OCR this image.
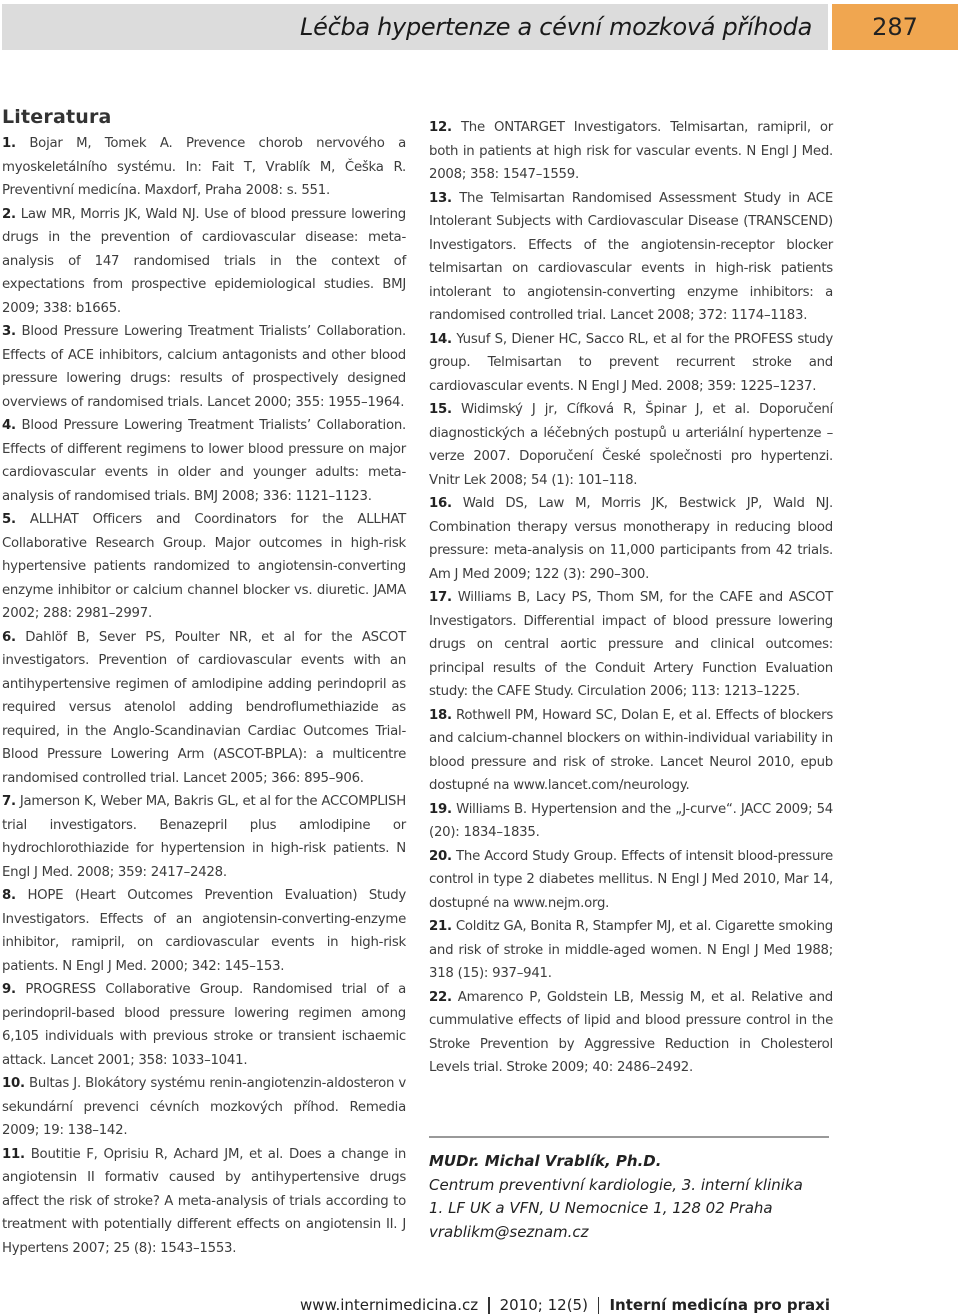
Léčba hypertenze a cévní mozková příhoda	287
Literatura

1. Bojar M, Tomek A. Prevence chorob nervového a myoskeletálního systému. In: Fait T, Vrablík M, Češka R. Preventivní medicína. Maxdorf, Praha 2008: s. 551.

2. Law MR, Morris JK, Wald NJ. Use of blood pressure lowering drugs in the prevention of cardiovascular disease: meta-analysis of 147 randomised trials in the context of expectations from prospective epidemiological studies. BMJ 2009; 338: b1665.

3. Blood Pressure Lowering Treatment Trialists’ Collaboration. Effects of ACE inhibitors, calcium antagonists and other blood pressure lowering drugs: results of prospectively designed overviews of randomised trials. Lancet 2000; 355: 1955–1964.

4. Blood Pressure Lowering Treatment Trialists’ Collaboration. Effects of different regimens to lower blood pressure on major cardiovascular events in older and younger adults: meta-analysis of randomised trials. BMJ 2008; 336: 1121–1123.

5. ALLHAT Officers and Coordinators for the ALLHAT Collaborative Research Group. Major outcomes in high-risk hypertensive patients randomized to angiotensin-converting enzyme inhibitor or calcium channel blocker vs. diuretic. JAMA 2002; 288: 2981–2997.

6. Dahlöf B, Sever PS, Poulter NR, et al for the ASCOT investigators. Prevention of cardiovascular events with an antihypertensive regimen of amlodipine adding perindopril as required versus atenolol adding bendroflumethiazide as required, in the Anglo-Scandinavian Cardiac Outcomes Trial-Blood Pressure Lowering Arm (ASCOT-BPLA): a multicentre randomised controlled trial. Lancet 2005; 366: 895–906.

7. Jamerson K, Weber MA, Bakris GL, et al for the ACCOMPLISH trial investigators. Benazepril plus amlodipine or hydrochlorothiazide for hypertension in high-risk patients. N Engl J Med. 2008; 359: 2417–2428.

8. HOPE (Heart Outcomes Prevention Evaluation) Study Investigators. Effects of an angiotensin-converting-enzyme inhibitor, ramipril, on cardiovascular events in high-risk patients. N Engl J Med. 2000; 342: 145–153.

9. PROGRESS Collaborative Group. Randomised trial of a perindopril-based blood pressure lowering regimen among 6,105 individuals with previous stroke or transient ischaemic attack. Lancet 2001; 358: 1033–1041.

10. Bultas J. Blokátory systému renin-angiotenzin-aldosteron v sekundární prevenci cévních mozkových příhod. Remedia 2009; 19: 138–142.

11. Boutitie F, Oprisiu R, Achard JM, et al. Does a change in angiotensin II formativ caused by antihypertensive drugs affect the risk of stroke? A meta-analysis of trials according to treatment with potentially different effects on angiotensin II. J Hypertens 2007; 25 (8): 1543–1553.

12. The ONTARGET Investigators. Telmisartan, ramipril, or both in patients at high risk for vascular events. N Engl J Med. 2008; 358: 1547–1559.

13. The Telmisartan Randomised Assessment Study in ACE Intolerant Subjects with Cardiovascular Disease (TRANSCEND) Investigators. Effects of the angiotensin-receptor blocker telmisartan on cardiovascular events in high-risk patients intolerant to angiotensin-converting enzyme inhibitors: a randomised controlled trial. Lancet 2008; 372: 1174–1183.

14. Yusuf S, Diener HC, Sacco RL, et al for the PROFESS study group. Telmisartan to prevent recurrent stroke and cardiovascular events. N Engl J Med. 2008; 359: 1225–1237.

15. Widimský J jr, Cífková R, Špinar J, et al. Doporučení diagnostických a léčebných postupů u arteriální hypertenze – verze 2007. Doporučení České společnosti pro hypertenzi. Vnitr Lek 2008; 54 (1): 101–118.

16. Wald DS, Law M, Morris JK, Bestwick JP, Wald NJ. Combination therapy versus monotherapy in reducing blood pressure: meta-analysis on 11,000 participants from 42 trials. Am J Med 2009; 122 (3): 290–300.

17. Williams B, Lacy PS, Thom SM, for the CAFE and ASCOT Investigators. Differential impact of blood pressure lowering drugs on central aortic pressure and clinical outcomes: principal results of the Conduit Artery Function Evaluation study: the CAFE Study. Circulation 2006; 113: 1213–1225.

18. Rothwell PM, Howard SC, Dolan E, et al. Effects of blockers and calcium-channel blockers on within-individual variability in blood pressure and risk of stroke. Lancet Neurol 2010, epub dostupné na www.lancet.com/neurology.

19. Williams B. Hypertension and the „J-curve“. JACC 2009; 54 (20): 1834–1835.

20. The Accord Study Group. Effects of intensit blood-pressure control in type 2 diabetes mellitus. N Engl J Med 2010, Mar 14, dostupné na www.nejm.org.

21. Colditz GA, Bonita R, Stampfer MJ, et al. Cigarette smoking and risk of stroke in middle-aged women. N Engl J Med 1988; 318 (15): 937–941.

22. Amarenco P, Goldstein LB, Messig M, et al. Relative and cummulative effects of lipid and blood pressure control in the Stroke Prevention by Aggressive Reduction in Cholesterol Levels trial. Stroke 2009; 40: 2486–2492.

MUDr. Michal Vrablík, Ph.D.
Centrum preventivní kardiologie, 3. interní klinika
1. LF UK a VFN, U Nemocnice 1, 128 02 Praha
vrablikm@seznam.cz
www.internimedicina.cz 2010; 12(5) Interní medicína pro praxi
